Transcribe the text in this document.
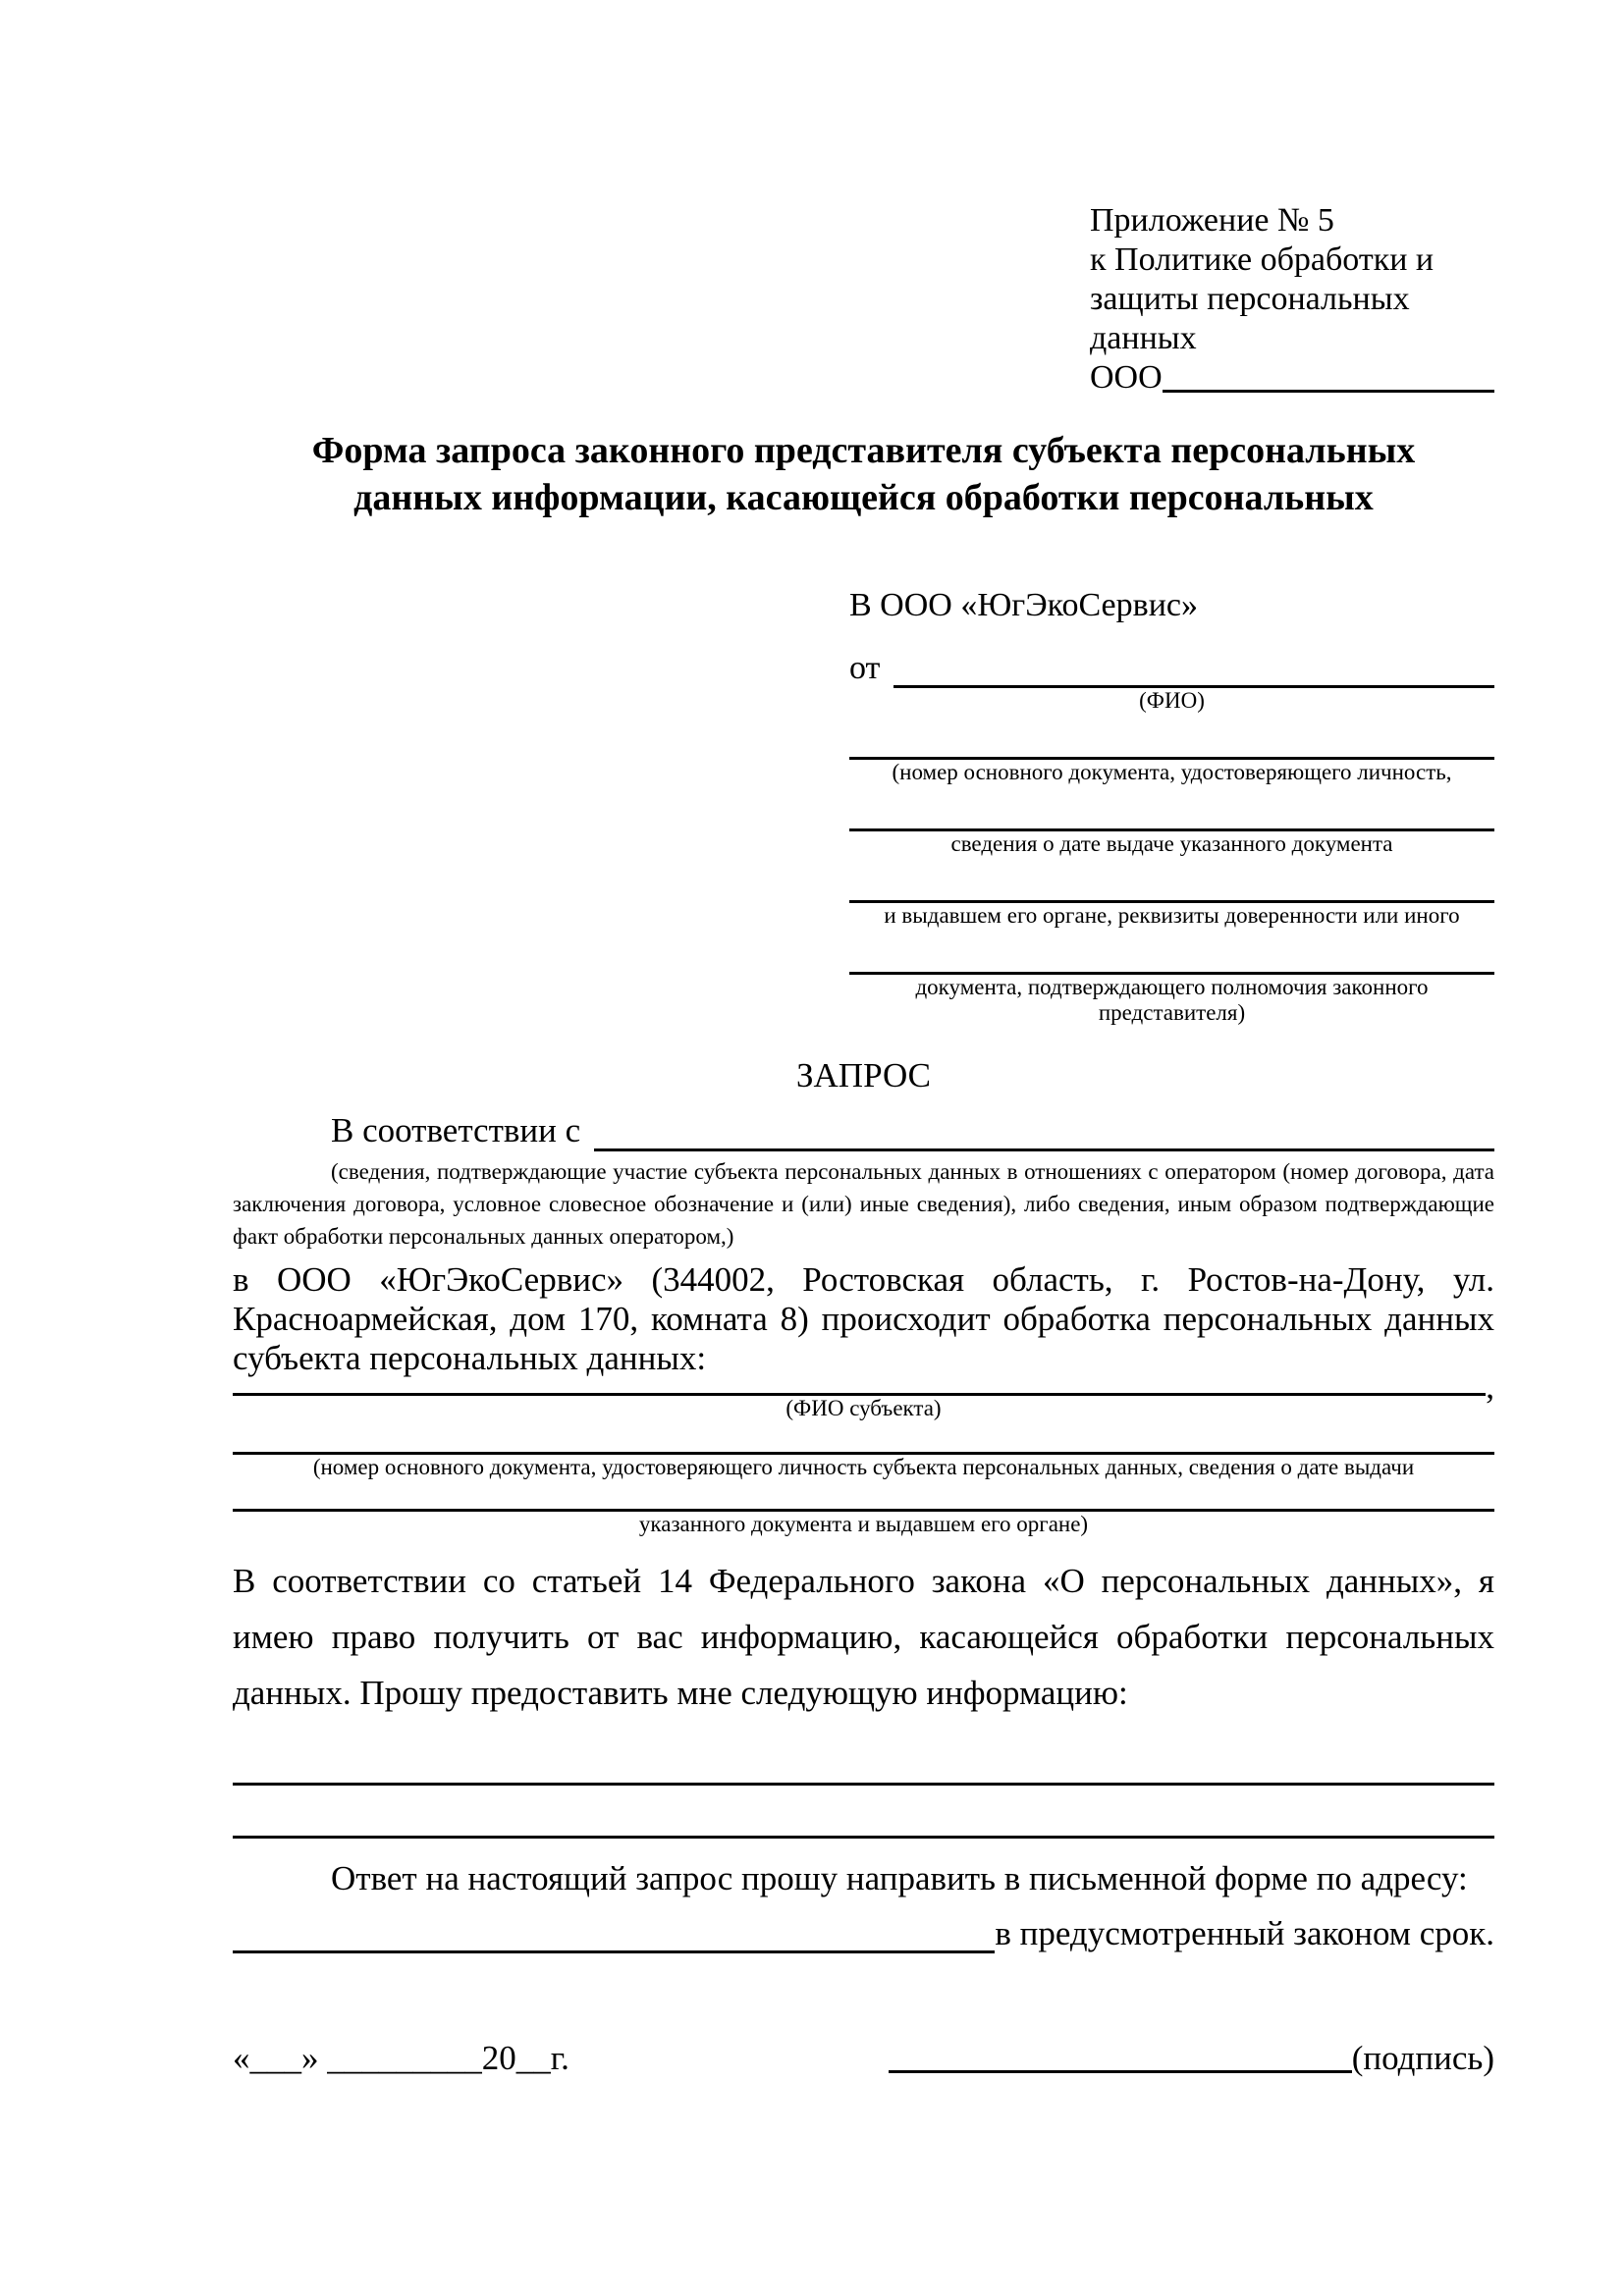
Приложение № 5
к Политике обработки и
защиты персональных данных
ООО
Форма запроса законного представителя субъекта персональных
данных информации, касающейся обработки персональных
В ООО «ЮгЭкоСервис»
от
(ФИО)
(номер основного документа, удостоверяющего личность,
сведения о дате выдаче указанного документа
и выдавшем его органе, реквизиты доверенности или иного
документа, подтверждающего полномочия законного представителя)
ЗАПРОС
В соответствии с
(сведения, подтверждающие участие субъекта персональных данных в отношениях с оператором (номер договора, дата заключения договора, условное словесное обозначение и (или) иные сведения), либо сведения, иным образом подтверждающие факт обработки персональных данных оператором,)
в ООО «ЮгЭкоСервис» (344002, Ростовская область, г. Ростов-на-Дону, ул. Красноармейская, дом 170, комната 8) происходит обработка персональных данных субъекта персональных данных:
,
(ФИО субъекта)
(номер основного документа, удостоверяющего личность субъекта персональных данных, сведения о дате выдачи
указанного документа и выдавшем его органе)
В соответствии со статьей 14 Федерального закона «О персональных данных», я имею право получить от вас информацию, касающейся обработки персональных данных. Прошу предоставить мне следующую информацию:
Ответ на настоящий запрос прошу направить в письменной форме по адресу:
в предусмотренный законом срок.
«___» _________20__г.	(подпись)
